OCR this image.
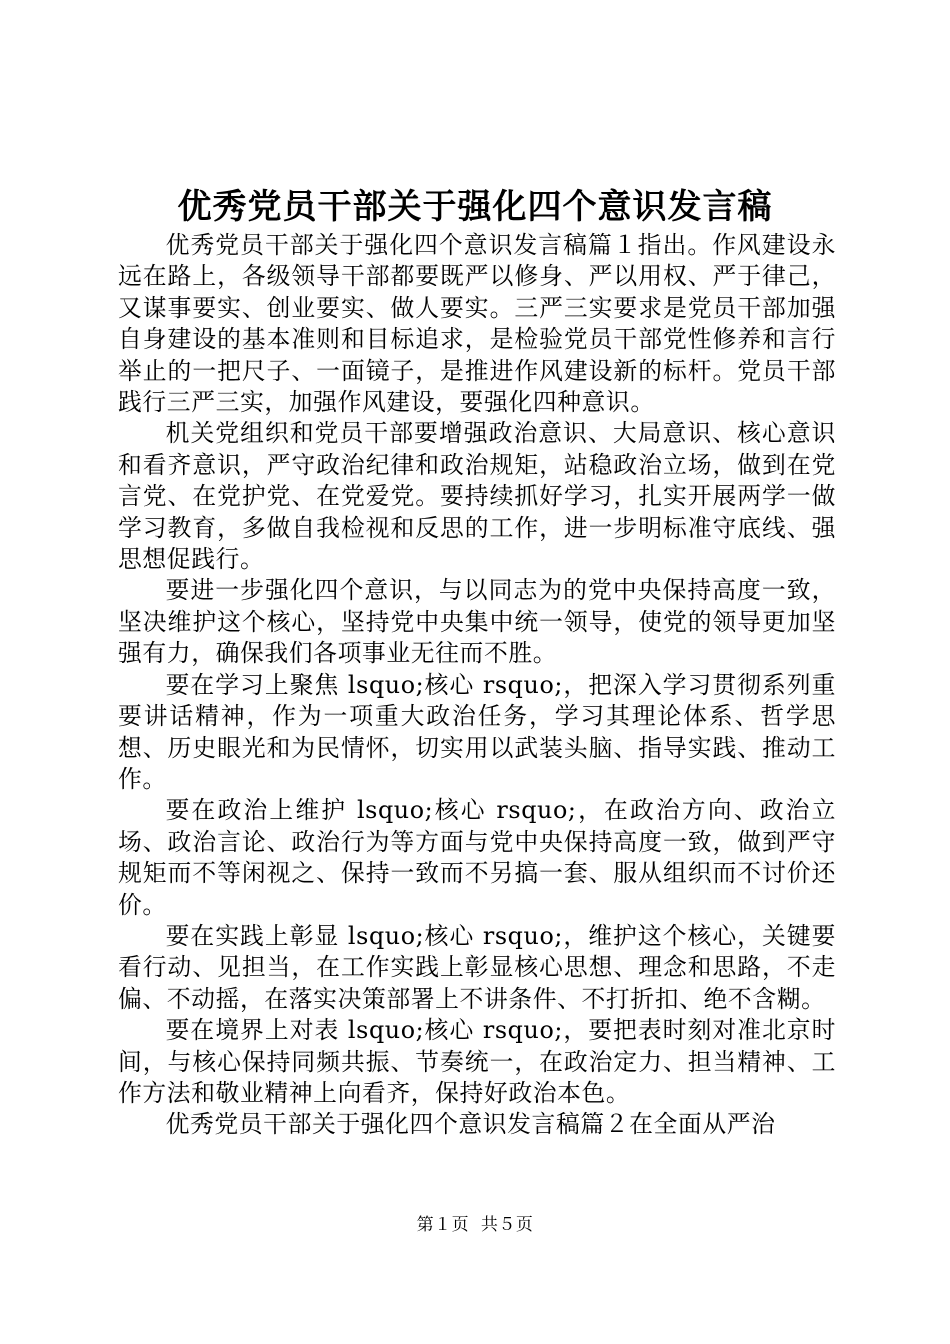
优秀党员干部关于强化四个意识发言稿

优秀党员干部关于强化四个意识发言稿篇１指出。作风建设永远在路上，各级领导干部都要既严以修身、严以用权、严于律己，又谋事要实、创业要实、做人要实。三严三实要求是党员干部加强自身建设的基本准则和目标追求，是检验党员干部党性修养和言行举止的一把尺子、一面镜子，是推进作风建设新的标杆。党员干部践行三严三实，加强作风建设，要强化四种意识。

机关党组织和党员干部要增强政治意识、大局意识、核心意识和看齐意识，严守政治纪律和政治规矩，站稳政治立场，做到在党言党、在党护党、在党爱党。要持续抓好学习，扎实开展两学一做学习教育，多做自我检视和反思的工作，进一步明标准守底线、强思想促践行。

要进一步强化四个意识，与以同志为的党中央保持高度一致，坚决维护这个核心，坚持党中央集中统一领导，使党的领导更加坚强有力，确保我们各项事业无往而不胜。

要在学习上聚焦 lsquo;核心 rsquo;，把深入学习贯彻系列重要讲话精神，作为一项重大政治任务，学习其理论体系、哲学思想、历史眼光和为民情怀，切实用以武装头脑、指导实践、推动工作。

要在政治上维护 lsquo;核心 rsquo;，在政治方向、政治立场、政治言论、政治行为等方面与党中央保持高度一致，做到严守规矩而不等闲视之、保持一致而不另搞一套、服从组织而不讨价还价。

要在实践上彰显 lsquo;核心 rsquo;，维护这个核心，关键要看行动、见担当，在工作实践上彰显核心思想、理念和思路，不走偏、不动摇，在落实决策部署上不讲条件、不打折扣、绝不含糊。

要在境界上对表 lsquo;核心 rsquo;，要把表时刻对准北京时间，与核心保持同频共振、节奏统一，在政治定力、担当精神、工作方法和敬业精神上向看齐，保持好政治本色。

优秀党员干部关于强化四个意识发言稿篇２在全面从严治

第１页 共５页
